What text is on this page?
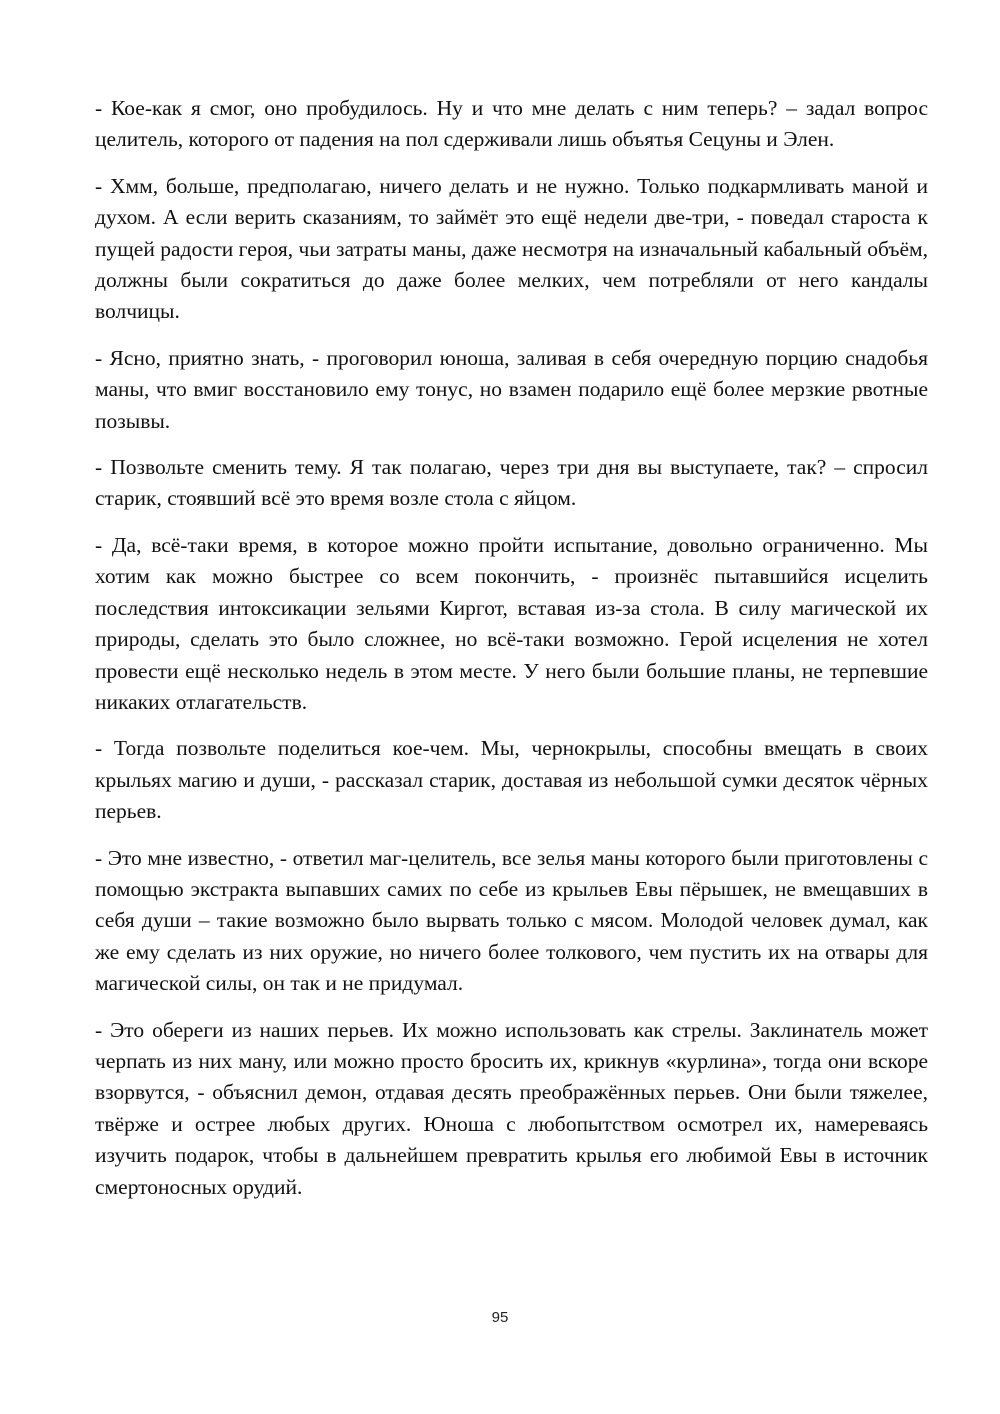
- Кое-как я смог, оно пробудилось. Ну и что мне делать с ним теперь? – задал вопрос целитель, которого от падения на пол сдерживали лишь объятья Сецуны и Элен.

- Хмм, больше, предполагаю, ничего делать и не нужно. Только подкармливать маной и духом. А если верить сказаниям, то займёт это ещё недели две-три, - поведал староста к пущей радости героя, чьи затраты маны, даже несмотря на изначальный кабальный объём, должны были сократиться до даже более мелких, чем потребляли от него кандалы волчицы.

- Ясно, приятно знать, - проговорил юноша, заливая в себя очередную порцию снадобья маны, что вмиг восстановило ему тонус, но взамен подарило ещё более мерзкие рвотные позывы.

- Позвольте сменить тему. Я так полагаю, через три дня вы выступаете, так? – спросил старик, стоявший всё это время возле стола с яйцом.

- Да, всё-таки время, в которое можно пройти испытание, довольно ограниченно. Мы хотим как можно быстрее со всем покончить, - произнёс пытавшийся исцелить последствия интоксикации зельями Киргот, вставая из-за стола. В силу магической их природы, сделать это было сложнее, но всё-таки возможно. Герой исцеления не хотел провести ещё несколько недель в этом месте. У него были большие планы, не терпевшие никаких отлагательств.

- Тогда позвольте поделиться кое-чем. Мы, чернокрылы, способны вмещать в своих крыльях магию и души, - рассказал старик, доставая из небольшой сумки десяток чёрных перьев.

- Это мне известно, - ответил маг-целитель, все зелья маны которого были приготовлены с помощью экстракта выпавших самих по себе из крыльев Евы пёрышек, не вмещавших в себя души – такие возможно было вырвать только с мясом. Молодой человек думал, как же ему сделать из них оружие, но ничего более толкового, чем пустить их на отвары для магической силы, он так и не придумал.

- Это обереги из наших перьев. Их можно использовать как стрелы. Заклинатель может черпать из них ману, или можно просто бросить их, крикнув «курлина», тогда они вскоре взорвутся, - объяснил демон, отдавая десять преображённых перьев. Они были тяжелее, твёрже и острее любых других. Юноша с любопытством осмотрел их, намереваясь изучить подарок, чтобы в дальнейшем превратить крылья его любимой Евы в источник смертоносных орудий.

95
